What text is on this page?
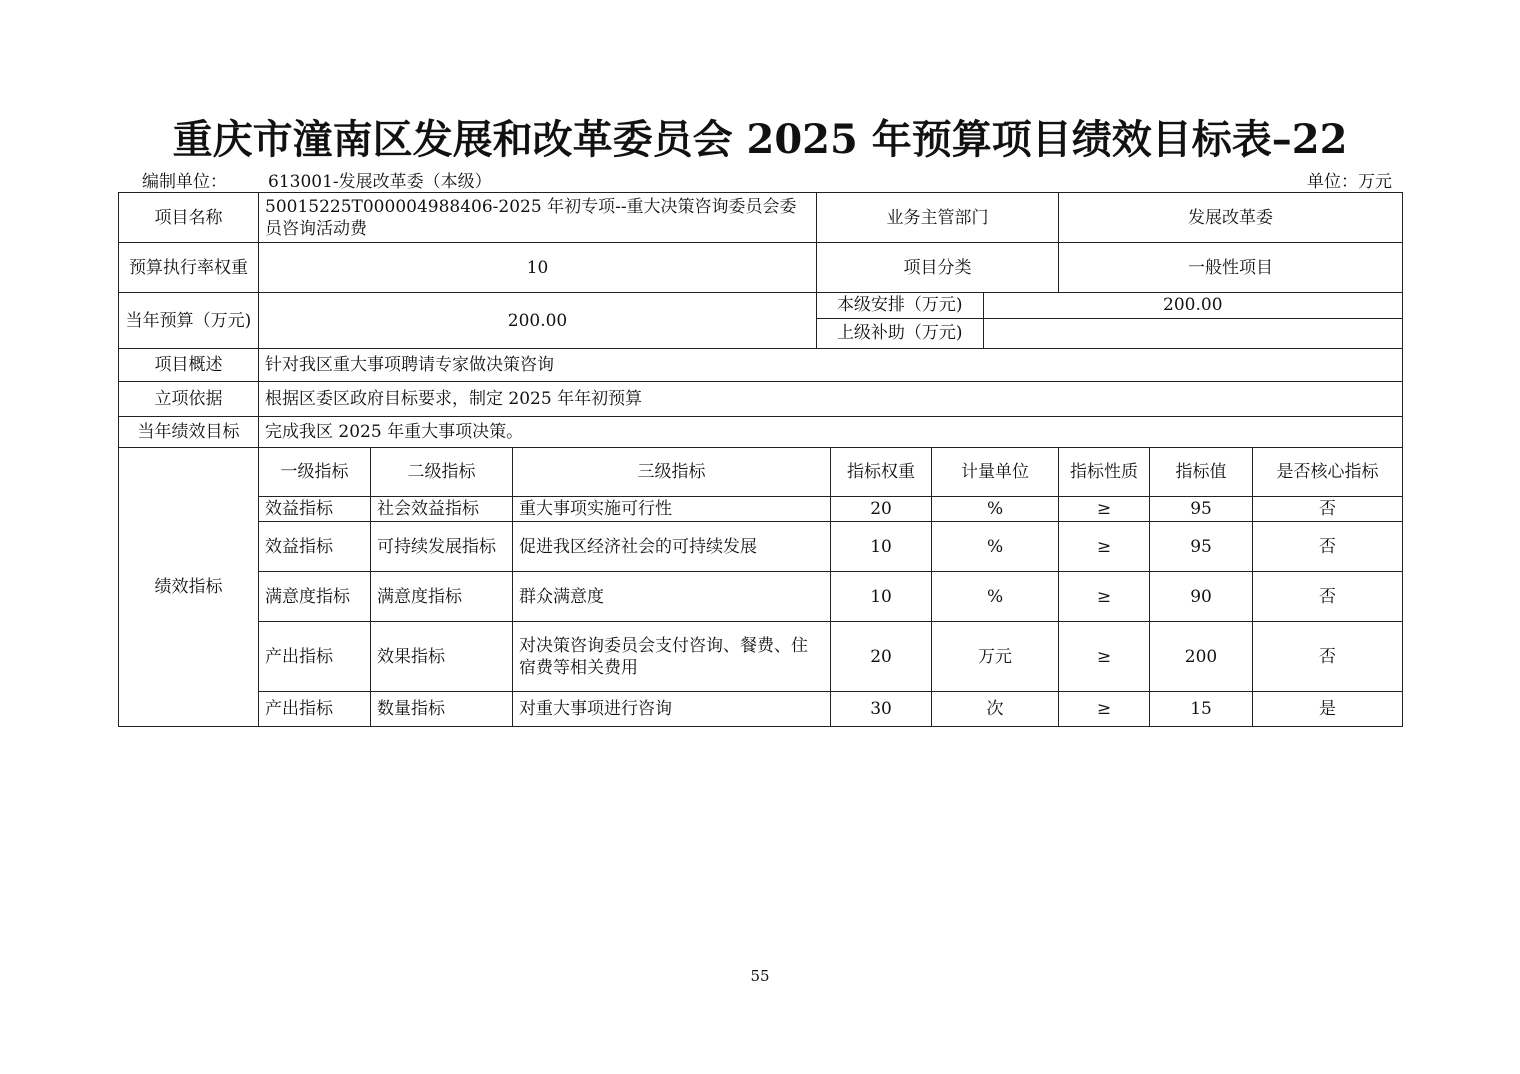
重庆市潼南区发展和改革委员会 2025 年预算项目绩效目标表–22
编制单位： 613001-发展改革委（本级）	单位：万元
项目名称	50015225T000004988406-2025 年初专项--重大决策咨询委员会委员咨询活动费	业务主管部门	发展改革委
预算执行率权重	10	项目分类	一般性项目
当年预算（万元)	200.00	
本级安排（万元)	200.00
上级补助（万元)	

项目概述	针对我区重大事项聘请专家做决策咨询
立项依据	根据区委区政府目标要求，制定 2025 年年初预算
当年绩效目标	完成我区 2025 年重大事项决策。
绩效指标	一级指标	二级指标	三级指标	指标权重	计量单位	指标性质	指标值	是否核心指标
效益指标	社会效益指标	重大事项实施可行性	20	%	≥	95	否
效益指标	可持续发展指标	促进我区经济社会的可持续发展	10	%	≥	95	否
满意度指标	满意度指标	群众满意度	10	%	≥	90	否
产出指标	效果指标	对决策咨询委员会支付咨询、餐费、住宿费等相关费用	20	万元	≥	200	否
产出指标	数量指标	对重大事项进行咨询	30	次	≥	15	是
55
